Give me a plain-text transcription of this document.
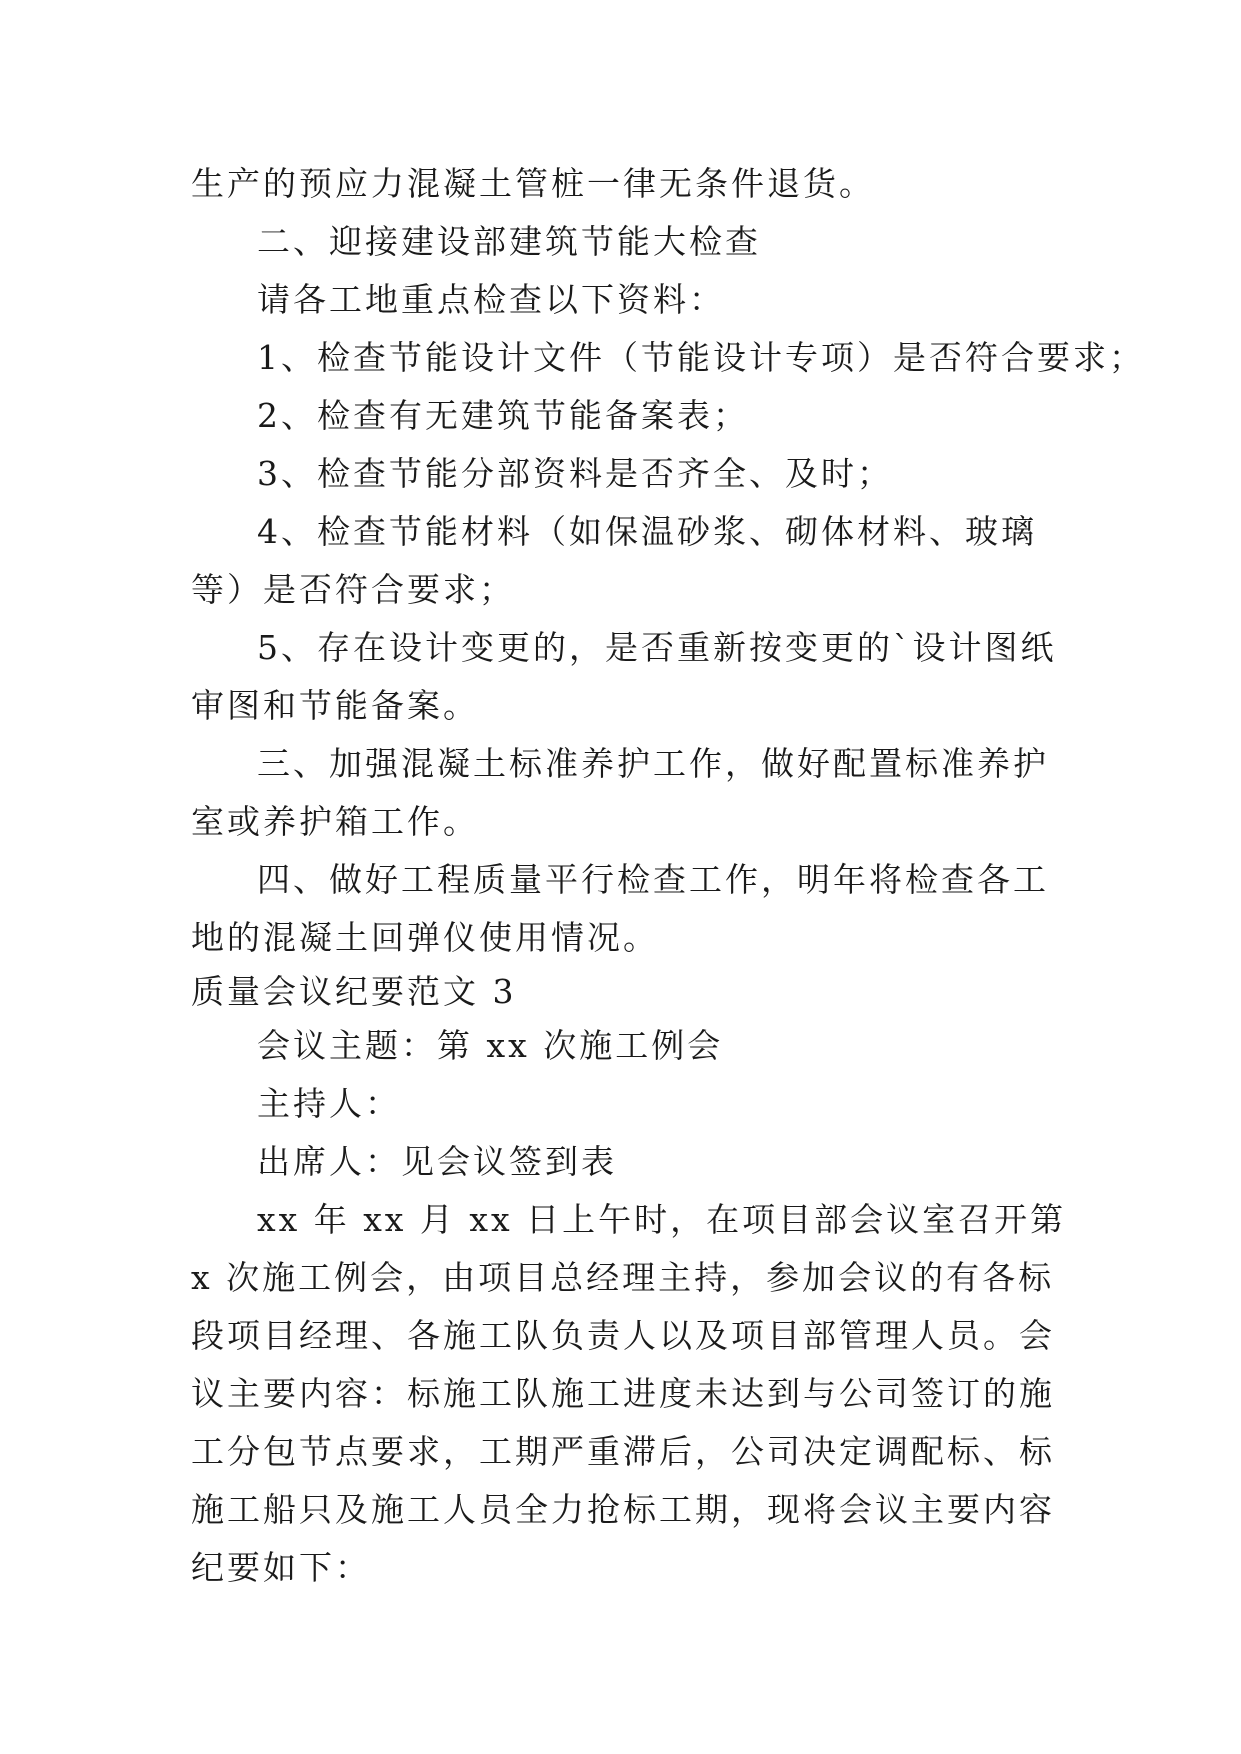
生产的预应力混凝土管桩一律无条件退货。

二、迎接建设部建筑节能大检查

请各工地重点检查以下资料：

1、检查节能设计文件（节能设计专项）是否符合要求；

2、检查有无建筑节能备案表；

3、检查节能分部资料是否齐全、及时；

4、检查节能材料（如保温砂浆、砌体材料、玻璃等）是否符合要求；

5、存在设计变更的，是否重新按变更的`设计图纸审图和节能备案。

三、加强混凝土标准养护工作，做好配置标准养护室或养护箱工作。

四、做好工程质量平行检查工作，明年将检查各工地的混凝土回弹仪使用情况。

质量会议纪要范文 3

会议主题：第 xx 次施工例会

主持人：

出席人：见会议签到表

xx 年 xx 月 xx 日上午时，在项目部会议室召开第 x 次施工例会，由项目总经理主持，参加会议的有各标段项目经理、各施工队负责人以及项目部管理人员。会议主要内容：标施工队施工进度未达到与公司签订的施工分包节点要求，工期严重滞后，公司决定调配标、标施工船只及施工人员全力抢标工期，现将会议主要内容纪要如下：
